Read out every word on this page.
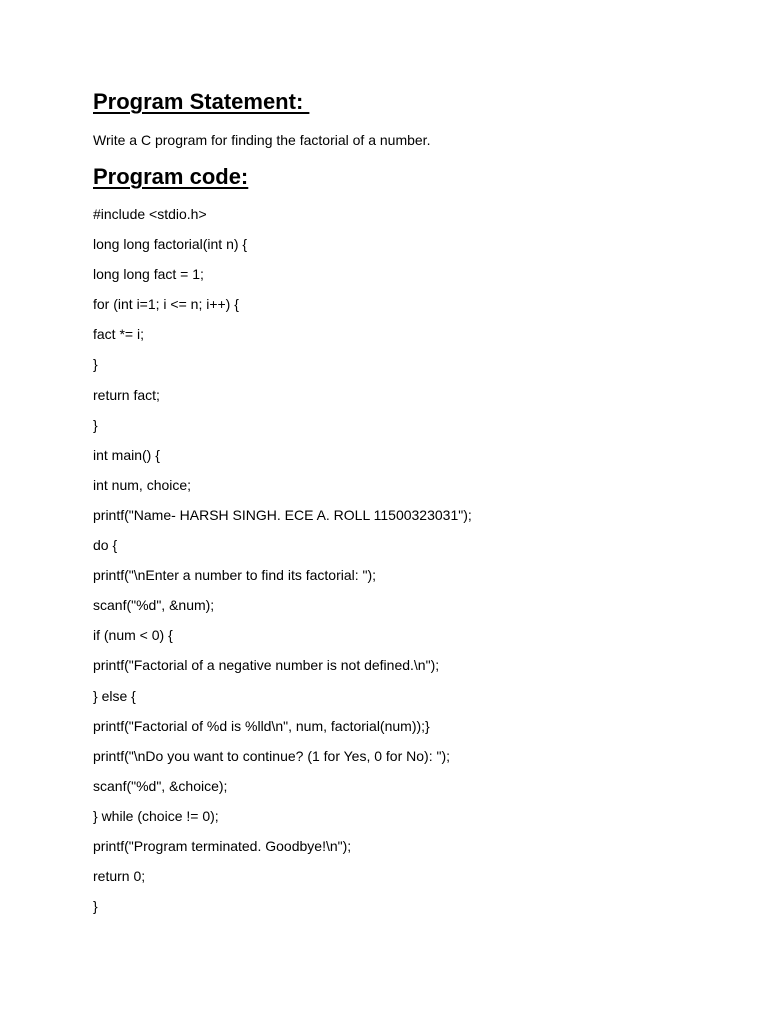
Program Statement:

Write a C program for finding the factorial of a number.

Program code:
#include <stdio.h>
long long factorial(int n) {
long long fact = 1;
for (int i=1; i <= n; i++) {
fact *= i;
}
return fact;
}
int main() {
int num, choice;
printf("Name- HARSH SINGH. ECE A. ROLL 11500323031");
do {
printf("\nEnter a number to find its factorial: ");
scanf("%d", &num);
if (num < 0) {
printf("Factorial of a negative number is not defined.\n");
} else {
printf("Factorial of %d is %lld\n", num, factorial(num));}
printf("\nDo you want to continue? (1 for Yes, 0 for No): ");
scanf("%d", &choice);
} while (choice != 0);
printf("Program terminated. Goodbye!\n");
return 0;
}
